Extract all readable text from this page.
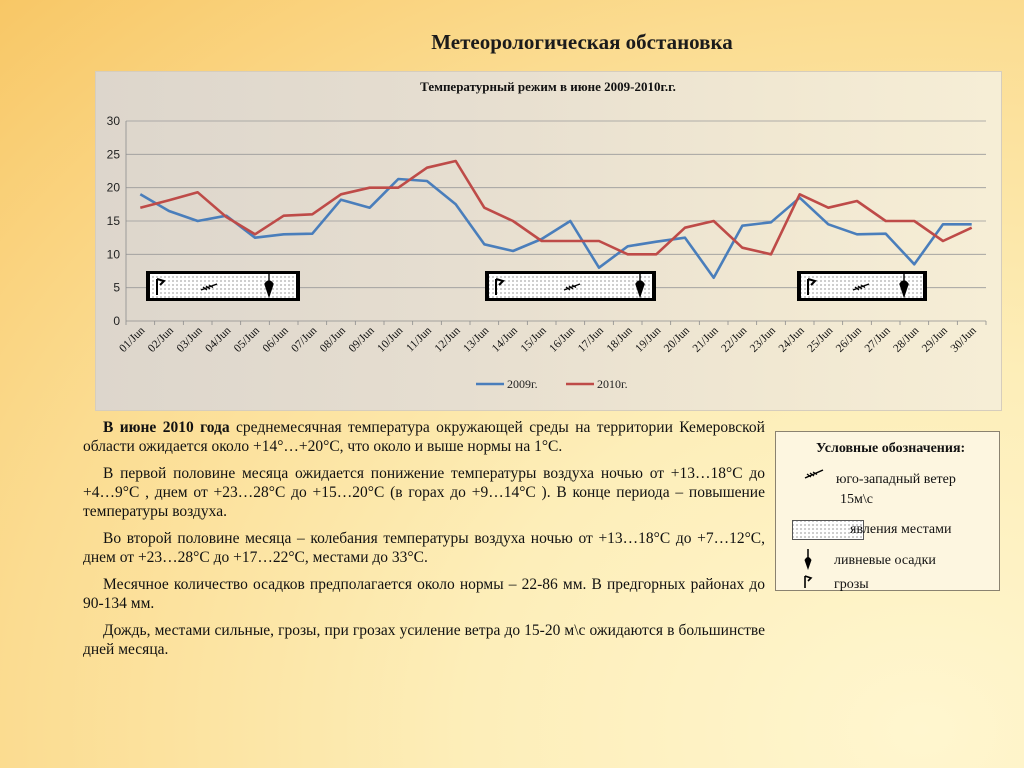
Метеорологическая обстановка
Температурный режим в июне 2009-2010г.г.
0
5
10
15
20
25
30
01/Jun
02/Jun
03/Jun
04/Jun
05/Jun
06/Jun
07/Jun
08/Jun
09/Jun
10/Jun
11/Jun
12/Jun
13/Jun
14/Jun
15/Jun
16/Jun
17/Jun
18/Jun
19/Jun
20/Jun
21/Jun
22/Jun
23/Jun
24/Jun
25/Jun
26/Jun
27/Jun
28/Jun
29/Jun
30/Jun
2009г.	2010г.

В июне 2010 года среднемесячная температура окружающей среды на территории Кемеровской области ожидается около +14°…+20°С, что около и выше нормы на 1°С.

В первой половине месяца ожидается понижение температуры воздуха ночью от +13…18°С до +4…9°С , днем от +23…28°С до +15…20°С (в горах до +9…14°С ). В конце периода – повышение температуры воздуха.

Во второй половине месяца – колебания температуры воздуха ночью от +13…18°С до +7…12°С, днем от +23…28°С до +17…22°С, местами до 33°С.

Месячное количество осадков предполагается около нормы – 22-86 мм. В предгорных районах до 90-134 мм.

Дождь, местами сильные, грозы, при грозах усиление ветра до 15-20 м\с ожидаются в большинстве дней месяца.

Условные обозначения:
юго-западный ветер
15м\с
явления местами
ливневые осадки
грозы
